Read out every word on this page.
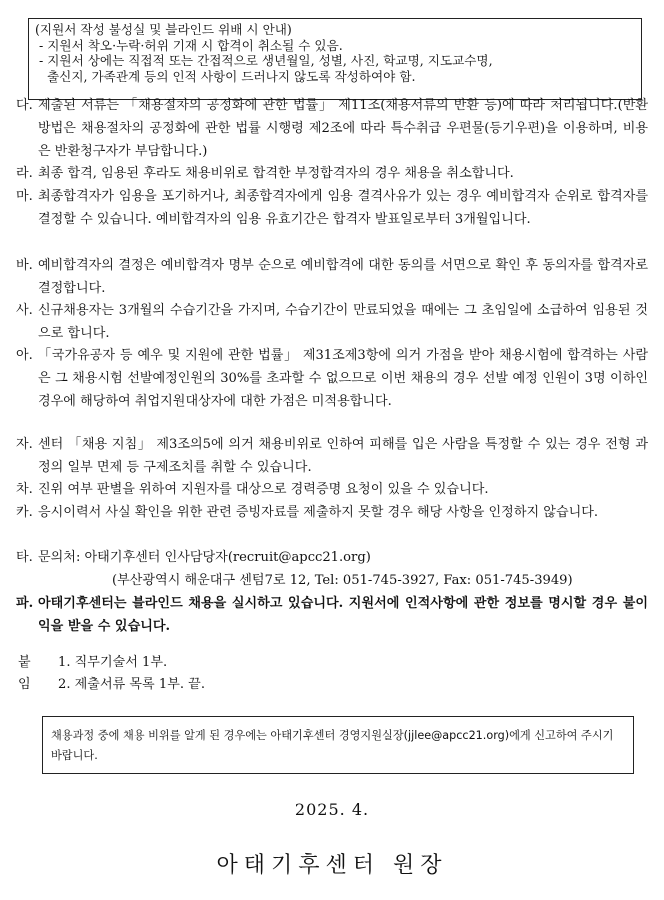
(지원서 작성 불성실 및 블라인드 위배 시 안내)
- 지원서 착오·누락·허위 기재 시 합격이 취소될 수 있음.
- 지원서 상에는 직접적 또는 간접적으로 생년월일, 성별, 사진, 학교명, 지도교수명,
출신지, 가족관계 등의 인적 사항이 드러나지 않도록 작성하여야 함.
다. 제출된 서류는 「채용절차의 공정화에 관한 법률」 제11조(채용서류의 반환 등)에 따라 처리됩니다.(반환 방법은 채용절차의 공정화에 관한 법률 시행령 제2조에 따라 특수취급 우편물(등기우편)을 이용하며, 비용은 반환청구자가 부담합니다.)
라. 최종 합격, 임용된 후라도 채용비위로 합격한 부정합격자의 경우 채용을 취소합니다.
마. 최종합격자가 임용을 포기하거나, 최종합격자에게 임용 결격사유가 있는 경우 예비합격자 순위로 합격자를 결정할 수 있습니다. 예비합격자의 임용 유효기간은 합격자 발표일로부터 3개월입니다.
바. 예비합격자의 결정은 예비합격자 명부 순으로 예비합격에 대한 동의를 서면으로 확인 후 동의자를 합격자로 결정합니다.
사. 신규채용자는 3개월의 수습기간을 가지며, 수습기간이 만료되었을 때에는 그 초임일에 소급하여 임용된 것으로 합니다.
아. 「국가유공자 등 예우 및 지원에 관한 법률」 제31조제3항에 의거 가점을 받아 채용시험에 합격하는 사람은 그 채용시험 선발예정인원의 30%를 초과할 수 없으므로 이번 채용의 경우 선발 예정 인원이 3명 이하인 경우에 해당하여 취업지원대상자에 대한 가점은 미적용합니다.
자. 센터 「채용 지침」 제3조의5에 의거 채용비위로 인하여 피해를 입은 사람을 특정할 수 있는 경우 전형 과정의 일부 면제 등 구제조치를 취할 수 있습니다.
차. 진위 여부 판별을 위하여 지원자를 대상으로 경력증명 요청이 있을 수 있습니다.
카. 응시이력서 사실 확인을 위한 관련 증빙자료를 제출하지 못할 경우 해당 사항을 인정하지 않습니다.
타. 문의처: 아태기후센터 인사담당자(recruit@apcc21.org)
(부산광역시 해운대구 센텀7로 12, Tel: 051-745-3927, Fax: 051-745-3949)
파. 아태기후센터는 블라인드 채용을 실시하고 있습니다. 지원서에 인적사항에 관한 정보를 명시할 경우 불이익을 받을 수 있습니다.
붙임
1. 직무기술서 1부.
2. 제출서류 목록 1부. 끝.
채용과정 중에 채용 비위를 알게 된 경우에는 아태기후센터 경영지원실장(jjlee@apcc21.org)에게 신고하여 주시기 바랍니다.
2025. 4.
아태기후센터 원장
